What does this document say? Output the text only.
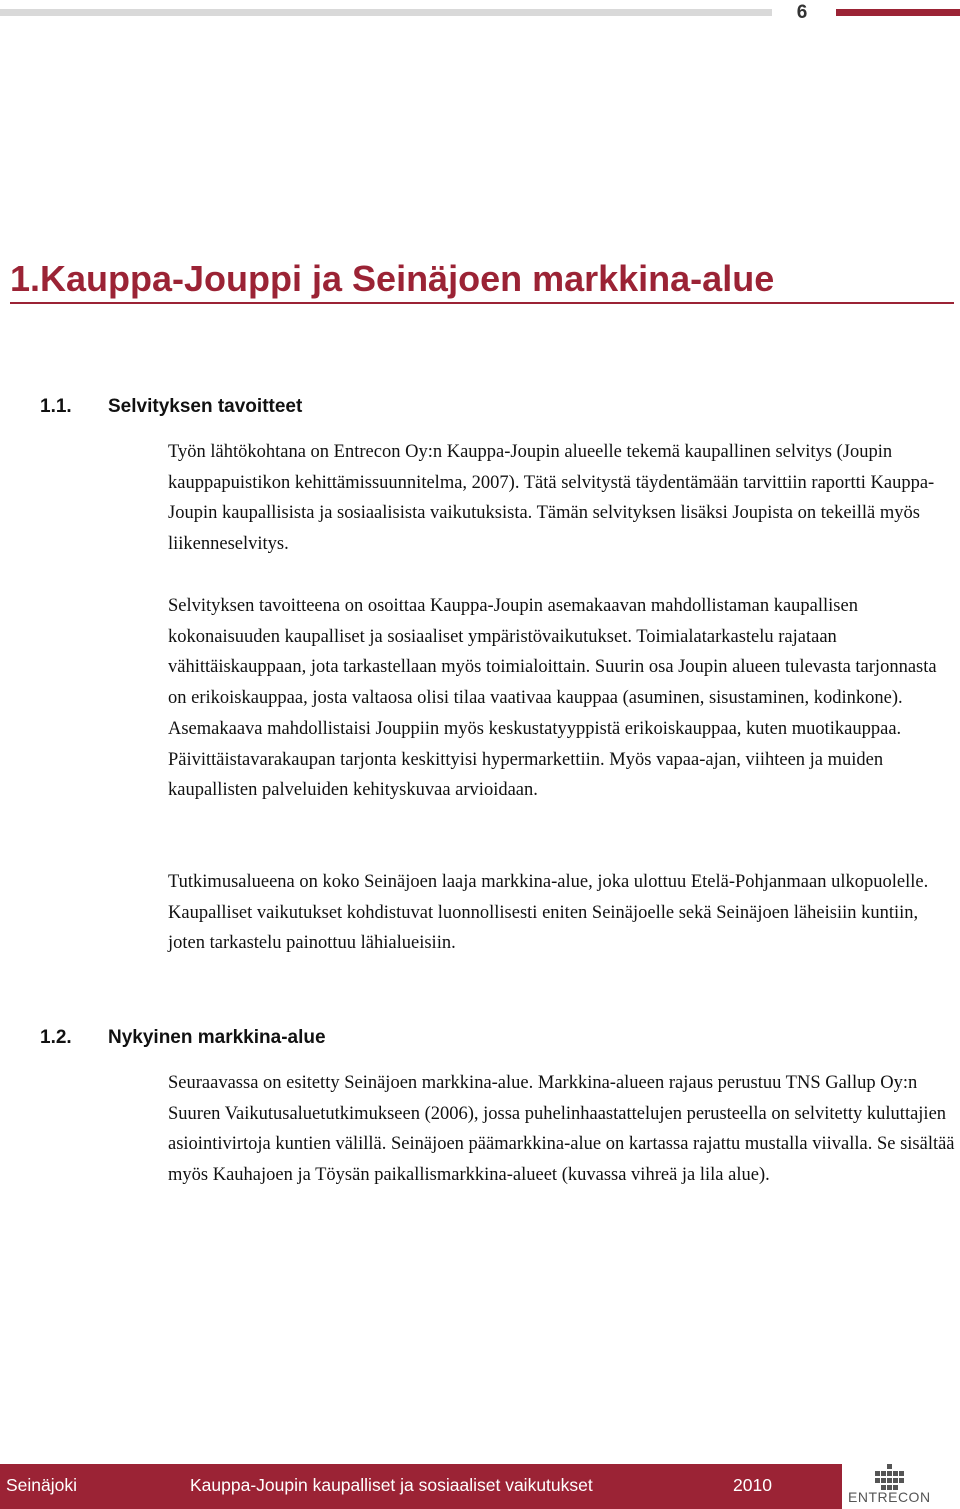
6
1.Kauppa-Jouppi ja Seinäjoen markkina-alue
1.1. Selvityksen tavoitteet

Työn lähtökohtana on Entrecon Oy:n Kauppa-Joupin alueelle tekemä kaupallinen selvitys (Joupin kauppapuistikon kehittämissuunnitelma, 2007). Tätä selvitystä täydentämään tarvittiin raportti Kauppa-Joupin kaupallisista ja sosiaalisista vaikutuksista. Tämän selvityksen lisäksi Joupista on tekeillä myös liikenneselvitys.

Selvityksen tavoitteena on osoittaa Kauppa-Joupin asemakaavan mahdollistaman kaupallisen kokonaisuuden kaupalliset ja sosiaaliset ympäristövaikutukset. Toimialatarkastelu rajataan vähittäiskauppaan, jota tarkastellaan myös toimialoittain. Suurin osa Joupin alueen tulevasta tarjonnasta on erikoiskauppaa, josta valtaosa olisi tilaa vaativaa kauppaa (asuminen, sisustaminen, kodinkone). Asemakaava mahdollistaisi Jouppiin myös keskustatyyppistä erikoiskauppaa, kuten muotikauppaa. Päivittäistavarakaupan tarjonta keskittyisi hypermarkettiin. Myös vapaa-ajan, viihteen ja muiden kaupallisten palveluiden kehityskuvaa arvioidaan.

Tutkimusalueena on koko Seinäjoen laaja markkina-alue, joka ulottuu Etelä-Pohjanmaan ulkopuolelle. Kaupalliset vaikutukset kohdistuvat luonnollisesti eniten Seinäjoelle sekä Seinäjoen läheisiin kuntiin, joten tarkastelu painottuu lähialueisiin.

1.2. Nykyinen markkina-alue

Seuraavassa on esitetty Seinäjoen markkina-alue. Markkina-alueen rajaus perustuu TNS Gallup Oy:n Suuren Vaikutusaluetutkimukseen (2006), jossa puhelinhaastattelujen perusteella on selvitetty kuluttajien asiointivirtoja kuntien välillä. Seinäjoen päämarkkina-alue on kartassa rajattu mustalla viivalla. Se sisältää myös Kauhajoen ja Töysän paikallismarkkina-alueet (kuvassa vihreä ja lila alue).

Seinäjoki	Kauppa-Joupin kaupalliset ja sosiaaliset vaikutukset	2010
ENTRECON
